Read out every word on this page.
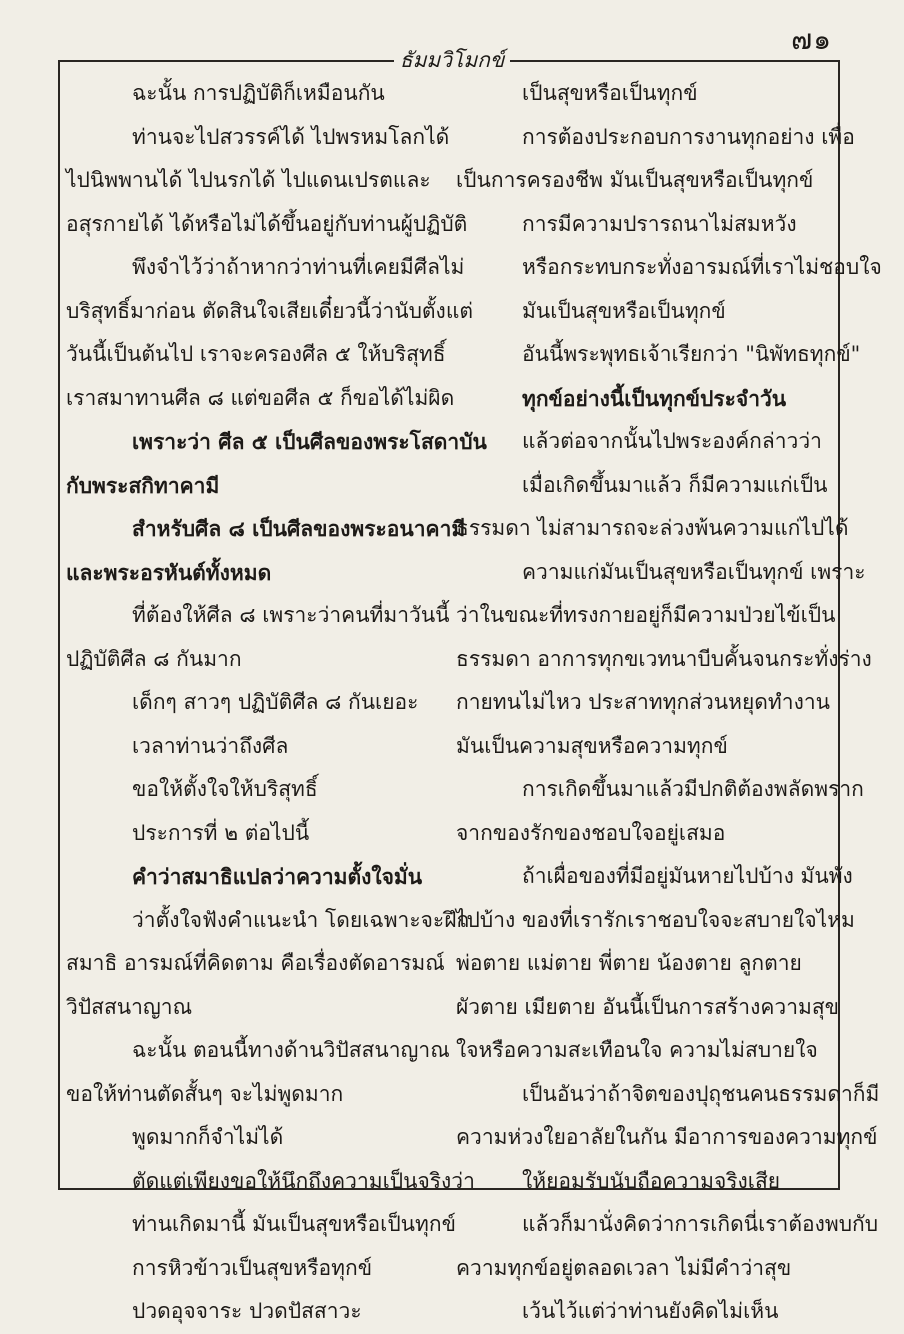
๗๑
ธัมมวิโมกข์
ฉะนั้น การปฏิบัติก็เหมือนกัน
ท่านจะไปสวรรค์ได้ ไปพรหมโลกได้
ไปนิพพานได้ ไปนรกได้ ไปแดนเปรตและ
อสุรกายได้ ได้หรือไม่ได้ขึ้นอยู่กับท่านผู้ปฏิบัติ
พึงจำไว้ว่าถ้าหากว่าท่านที่เคยมีศีลไม่
บริสุทธิ์มาก่อน ตัดสินใจเสียเดี๋ยวนี้ว่านับตั้งแต่
วันนี้เป็นต้นไป เราจะครองศีล ๕ ให้บริสุทธิ์
เราสมาทานศีล ๘ แต่ขอศีล ๕ ก็ขอได้ไม่ผิด
เพราะว่า ศีล ๕ เป็นศีลของพระโสดาบัน
กับพระสกิทาคามี
สำหรับศีล ๘ เป็นศีลของพระอนาคามี
และพระอรหันต์ทั้งหมด
ที่ต้องให้ศีล ๘ เพราะว่าคนที่มาวันนี้
ปฏิบัติศีล ๘ กันมาก
เด็กๆ สาวๆ ปฏิบัติศีล ๘ กันเยอะ
เวลาท่านว่าถึงศีล
ขอให้ตั้งใจให้บริสุทธิ์
ประการที่ ๒ ต่อไปนี้
คำว่าสมาธิแปลว่าความตั้งใจมั่น
ว่าตั้งใจฟังคำแนะนำ โดยเฉพาะจะฝึก
สมาธิ อารมณ์ที่คิดตาม คือเรื่องตัดอารมณ์
วิปัสสนาญาณ
ฉะนั้น ตอนนี้ทางด้านวิปัสสนาญาณ
ขอให้ท่านตัดสั้นๆ จะไม่พูดมาก
พูดมากก็จำไม่ได้
ตัดแต่เพียงขอให้นึกถึงความเป็นจริงว่า
ท่านเกิดมานี้ มันเป็นสุขหรือเป็นทุกข์
การหิวข้าวเป็นสุขหรือทุกข์
ปวดอุจจาระ ปวดปัสสาวะ
เป็นสุขหรือเป็นทุกข์
การต้องประกอบการงานทุกอย่าง เพื่อ
เป็นการครองชีพ มันเป็นสุขหรือเป็นทุกข์
การมีความปรารถนาไม่สมหวัง
หรือกระทบกระทั่งอารมณ์ที่เราไม่ชอบใจ
มันเป็นสุขหรือเป็นทุกข์
อันนี้พระพุทธเจ้าเรียกว่า "นิพัทธทุกข์"
ทุกข์อย่างนี้เป็นทุกข์ประจำวัน
แล้วต่อจากนั้นไปพระองค์กล่าวว่า
เมื่อเกิดขึ้นมาแล้ว ก็มีความแก่เป็น
ธรรมดา ไม่สามารถจะล่วงพ้นความแก่ไปได้
ความแก่มันเป็นสุขหรือเป็นทุกข์ เพราะ
ว่าในขณะที่ทรงกายอยู่ก็มีความป่วยไข้เป็น
ธรรมดา อาการทุกขเวทนาบีบคั้นจนกระทั่งร่าง
กายทนไม่ไหว ประสาททุกส่วนหยุดทำงาน
มันเป็นความสุขหรือความทุกข์
การเกิดขึ้นมาแล้วมีปกติต้องพลัดพราก
จากของรักของชอบใจอยู่เสมอ
ถ้าเผื่อของที่มีอยู่มันหายไปบ้าง มันพัง
ไปบ้าง ของที่เรารักเราชอบใจจะสบายใจไหม
พ่อตาย แม่ตาย พี่ตาย น้องตาย ลูกตาย
ผัวตาย เมียตาย อันนี้เป็นการสร้างความสุข
ใจหรือความสะเทือนใจ ความไม่สบายใจ
เป็นอันว่าถ้าจิตของปุถุชนคนธรรมดาก็มี
ความห่วงใยอาลัยในกัน มีอาการของความทุกข์
ให้ยอมรับนับถือความจริงเสีย
แล้วก็มานั่งคิดว่าการเกิดนี่เราต้องพบกับ
ความทุกข์อยู่ตลอดเวลา ไม่มีคำว่าสุข
เว้นไว้แต่ว่าท่านยังคิดไม่เห็น
